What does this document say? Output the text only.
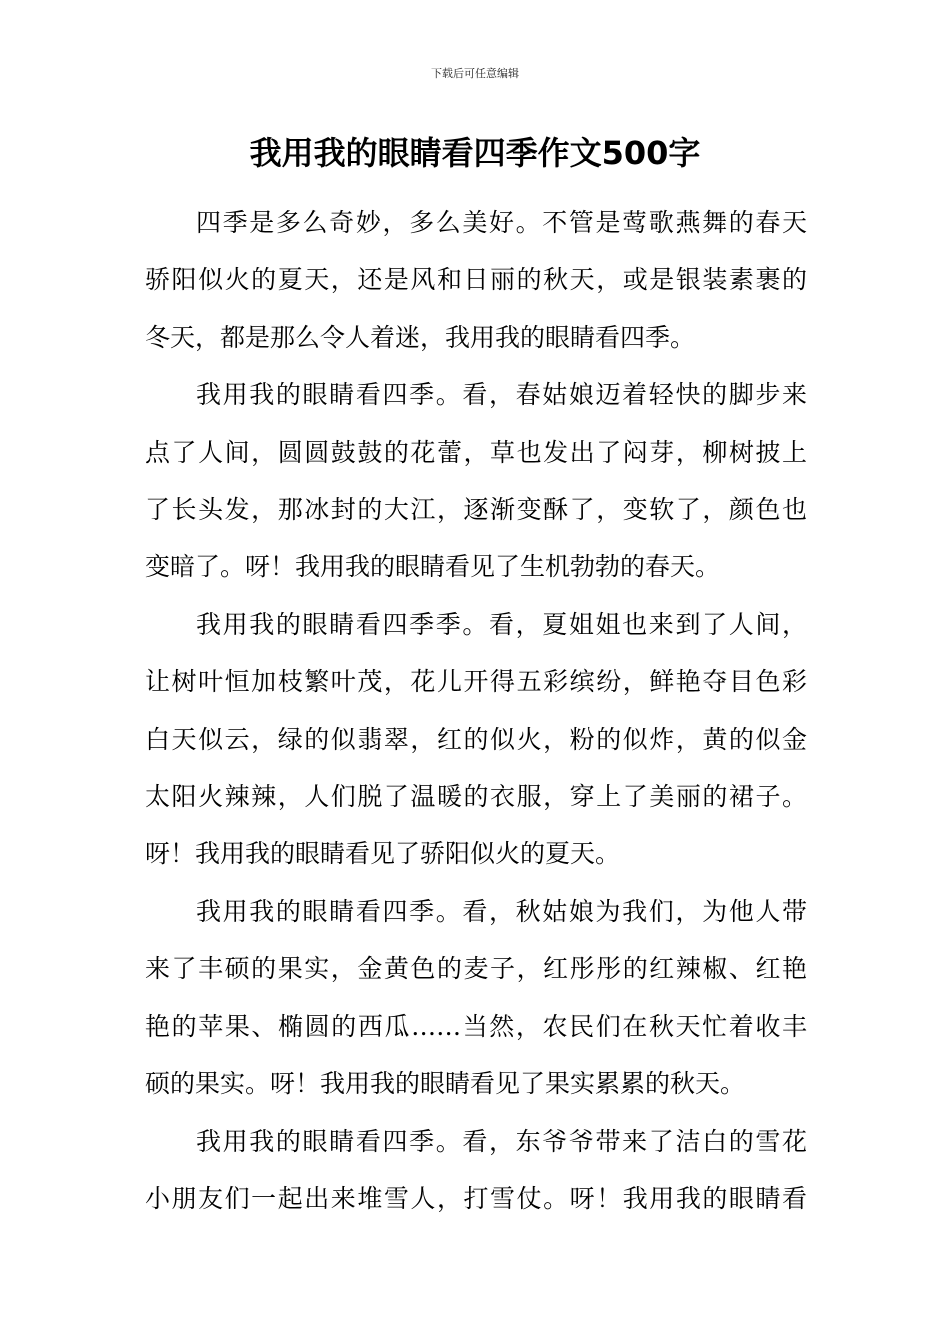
下载后可任意编辑
我用我的眼睛看四季作文500字
四季是多么奇妙，多么美好。不管是莺歌燕舞的春天
骄阳似火的夏天，还是风和日丽的秋天，或是银装素裹的
冬天，都是那么令人着迷，我用我的眼睛看四季。
我用我的眼睛看四季。看，春姑娘迈着轻快的脚步来
点了人间，圆圆鼓鼓的花蕾，草也发出了闷芽，柳树披上
了长头发，那冰封的大江，逐渐变酥了，变软了，颜色也
变暗了。呀！我用我的眼睛看见了生机勃勃的春天。
我用我的眼睛看四季季。看，夏姐姐也来到了人间，
让树叶恒加枝繁叶茂，花儿开得五彩缤纷，鲜艳夺目色彩
白天似云，绿的似翡翠，红的似火，粉的似炸，黄的似金
太阳火辣辣，人们脱了温暖的衣服，穿上了美丽的裙子。
呀！我用我的眼睛看见了骄阳似火的夏天。
我用我的眼睛看四季。看，秋姑娘为我们，为他人带
来了丰硕的果实，金黄色的麦子，红彤彤的红辣椒、红艳
艳的苹果、椭圆的西瓜……当然，农民们在秋天忙着收丰
硕的果实。呀！我用我的眼睛看见了果实累累的秋天。
我用我的眼睛看四季。看，东爷爷带来了洁白的雪花
小朋友们一起出来堆雪人，打雪仗。呀！我用我的眼睛看
